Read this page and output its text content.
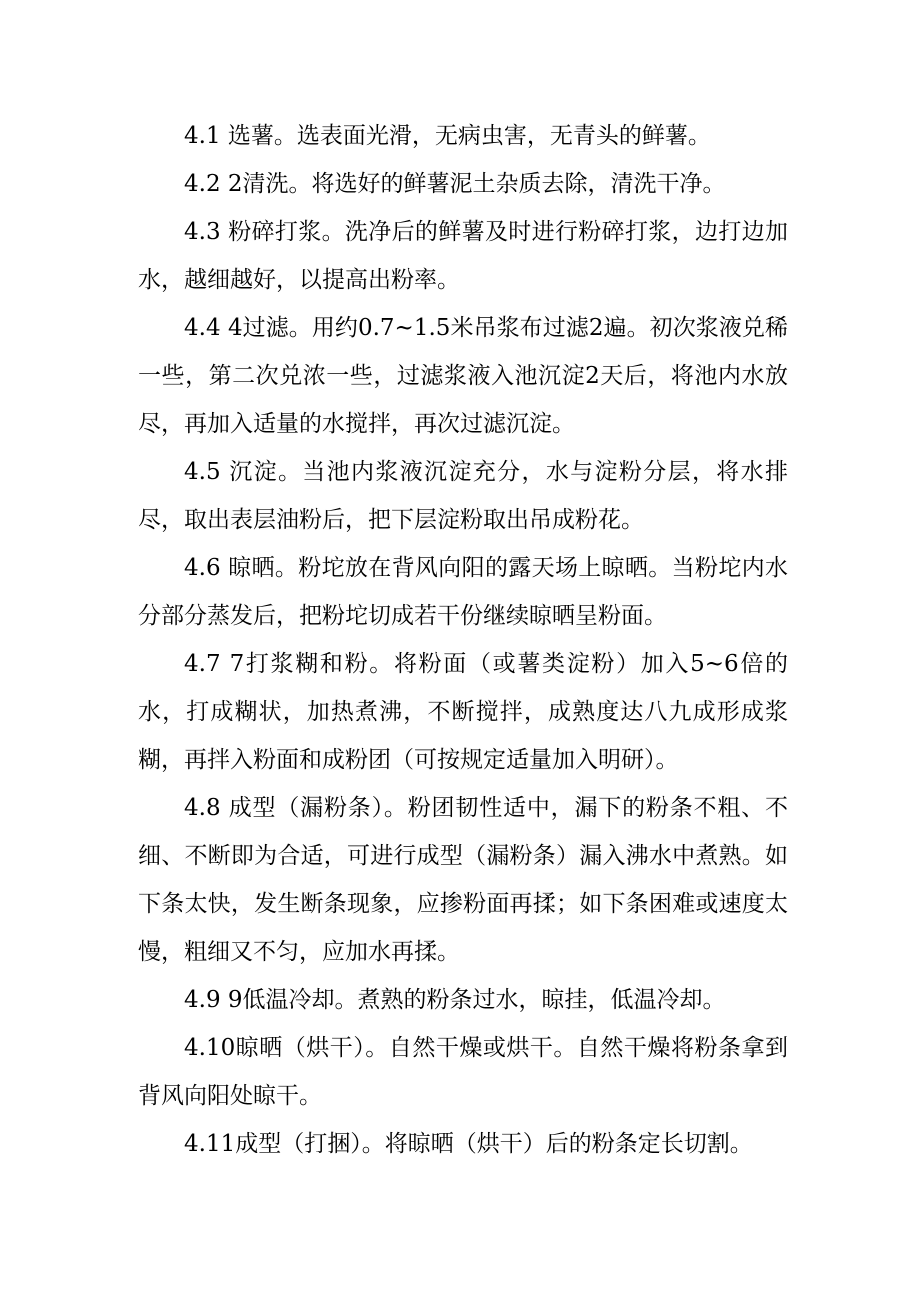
4.1 选薯。选表面光滑，无病虫害，无青头的鲜薯。

4.2 2清洗。将选好的鲜薯泥土杂质去除，清洗干净。

4.3 粉碎打浆。洗净后的鲜薯及时进行粉碎打浆，边打边加水，越细越好，以提高出粉率。

4.4 4过滤。用约0.7~1.5米吊浆布过滤2遍。初次浆液兑稀一些，第二次兑浓一些，过滤浆液入池沉淀2天后，将池内水放尽，再加入适量的水搅拌，再次过滤沉淀。

4.5 沉淀。当池内浆液沉淀充分，水与淀粉分层，将水排尽，取出表层油粉后，把下层淀粉取出吊成粉花。

4.6 晾晒。粉坨放在背风向阳的露天场上晾晒。当粉坨内水分部分蒸发后，把粉坨切成若干份继续晾晒呈粉面。

4.7 7打浆糊和粉。将粉面（或薯类淀粉）加入5~6倍的水，打成糊状，加热煮沸，不断搅拌，成熟度达八九成形成浆糊，再拌入粉面和成粉团（可按规定适量加入明研）。

4.8 成型（漏粉条）。粉团韧性适中，漏下的粉条不粗、不细、不断即为合适，可进行成型（漏粉条）漏入沸水中煮熟。如下条太快，发生断条现象，应掺粉面再揉；如下条困难或速度太慢，粗细又不匀，应加水再揉。

4.9 9低温冷却。煮熟的粉条过水，晾挂，低温冷却。

4.10晾晒（烘干）。自然干燥或烘干。自然干燥将粉条拿到背风向阳处晾干。

4.11成型（打捆）。将晾晒（烘干）后的粉条定长切割。
